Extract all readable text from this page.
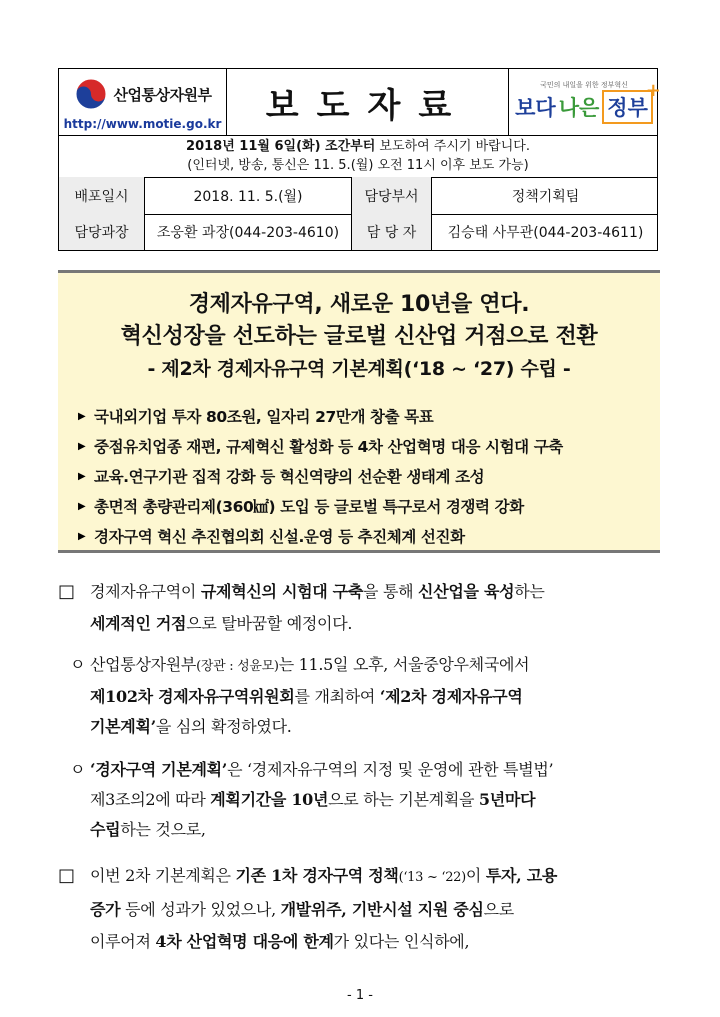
산업통상자원부
http://www.motie.go.kr	보도자료
국민의 내일을 위한 정부혁신
보다 나은 정부
+
2018년 11월 6일(화) 조간부터 보도하여 주시기 바랍니다.
(인터넷, 방송, 통신은 11. 5.(월) 오전 11시 이후 보도 가능)
배포일시	2018. 11. 5.(월)	담당부서	정책기획팀
담당과장	조웅환 과장(044-203-4610)	담 당 자	김승태 사무관(044-203-4611)
경제자유구역, 새로운 10년을 연다.
혁신성장을 선도하는 글로벌 신산업 거점으로 전환
- 제2차 경제자유구역 기본계획(‘18 ~ ‘27) 수립 -
▶ 국내외기업 투자 80조원, 일자리 27만개 창출 목표
▶ 중점유치업종 재편, 규제혁신 활성화 등 4차 산업혁명 대응 시험대 구축
▶ 교육.연구기관 집적 강화 등 혁신역량의 선순환 생태계 조성
▶ 총면적 총량관리제(360㎢) 도입 등 글로벌 특구로서 경쟁력 강화
▶ 경자구역 혁신 추진협의회 신설.운영 등 추진체계 선진화
□ 경제자유구역이 규제혁신의 시험대 구축을 통해 신산업을 육성하는
세계적인 거점으로 탈바꿈할 예정이다.
ㅇ 산업통상자원부(장관 : 성윤모)는 11.5일 오후, 서울중앙우체국에서
제102차 경제자유구역위원회를 개최하여 ‘제2차 경제자유구역
기본계획’을 심의 확정하였다.
ㅇ ‘경자구역 기본계획’은 ‘경제자유구역의 지정 및 운영에 관한 특별법’
제3조의2에 따라 계획기간을 10년으로 하는 기본계획을 5년마다
수립하는 것으로,
□ 이번 2차 기본계획은 기존 1차 경자구역 정책(‘13 ~ ‘22)이 투자, 고용
증가 등에 성과가 있었으나, 개발위주, 기반시설 지원 중심으로
이루어져 4차 산업혁명 대응에 한계가 있다는 인식하에,
- 1 -
